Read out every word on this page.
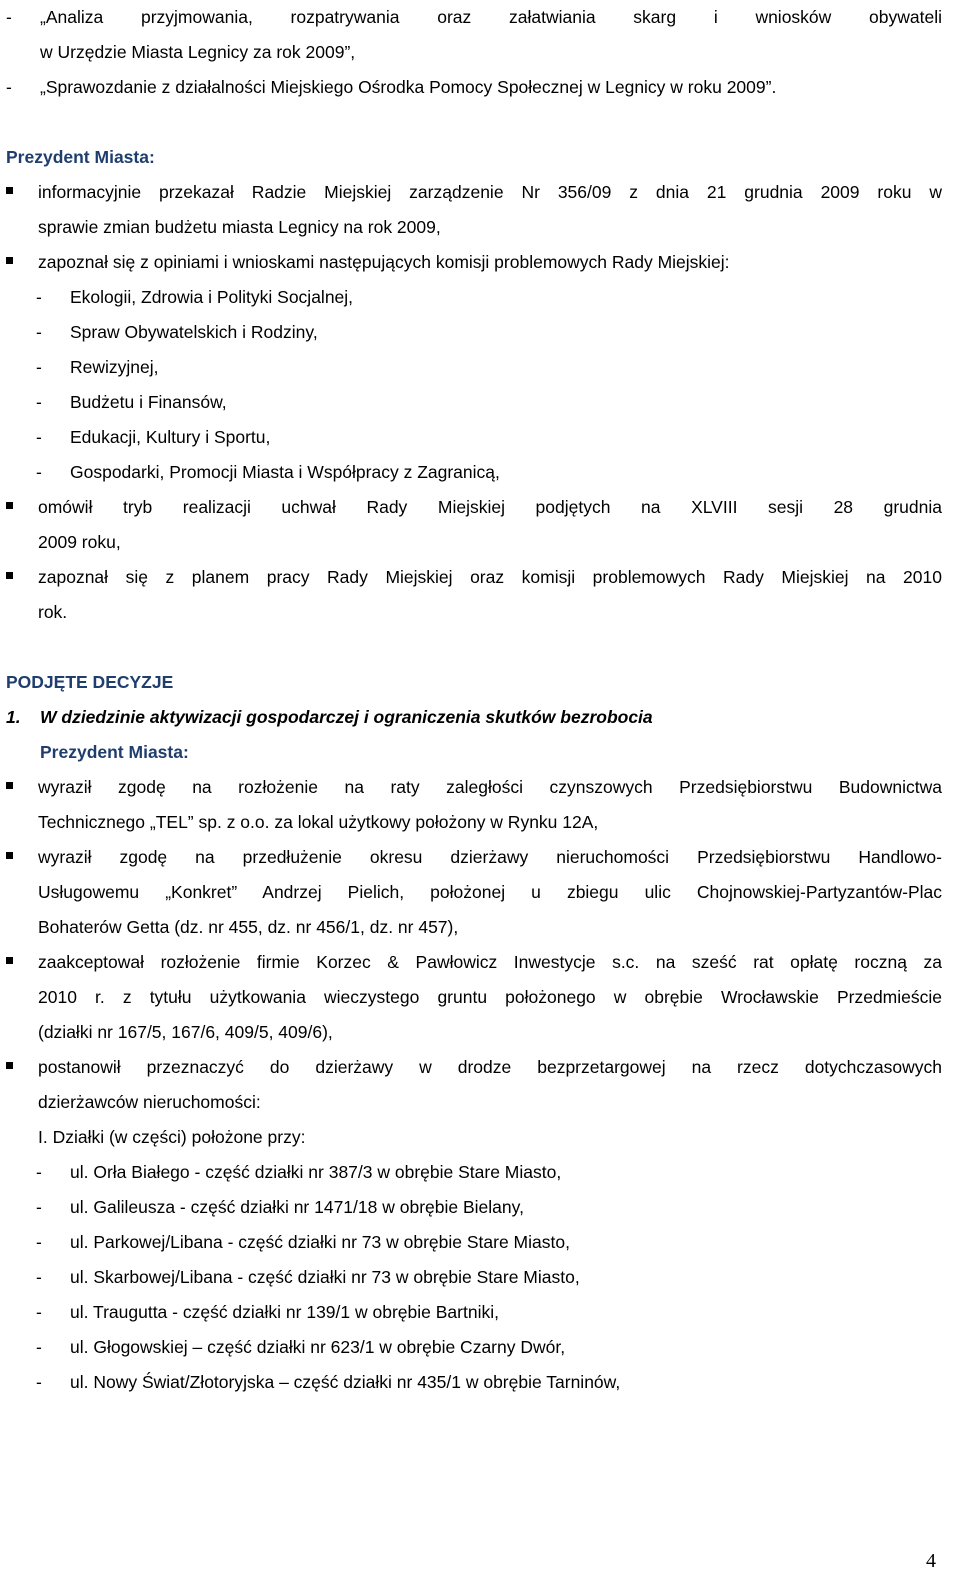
- „Analiza przyjmowania, rozpatrywania oraz załatwiania skarg i wniosków obywateli
w Urzędzie Miasta Legnicy za rok 2009”,
- „Sprawozdanie z działalności Miejskiego Ośrodka Pomocy Społecznej w Legnicy w roku 2009”.
Prezydent Miasta:
informacyjnie przekazał Radzie Miejskiej zarządzenie Nr 356/09 z dnia 21 grudnia 2009 roku w
sprawie zmian budżetu miasta Legnicy na rok 2009,
zapoznał się z opiniami i wnioskami następujących komisji problemowych Rady Miejskiej:
- Ekologii, Zdrowia i Polityki Socjalnej,
- Spraw Obywatelskich i Rodziny,
- Rewizyjnej,
- Budżetu i Finansów,
- Edukacji, Kultury i Sportu,
- Gospodarki, Promocji Miasta i Współpracy z Zagranicą,
omówił tryb realizacji uchwał Rady Miejskiej podjętych na XLVIII sesji 28 grudnia
2009 roku,
zapoznał się z planem pracy Rady Miejskiej oraz komisji problemowych Rady Miejskiej na 2010
rok.
PODJĘTE DECYZJE
1. W dziedzinie aktywizacji gospodarczej i ograniczenia skutków bezrobocia
Prezydent Miasta:
wyraził zgodę na rozłożenie na raty zaległości czynszowych Przedsiębiorstwu Budownictwa
Technicznego „TEL” sp. z o.o. za lokal użytkowy położony w Rynku 12A,
wyraził zgodę na przedłużenie okresu dzierżawy nieruchomości Przedsiębiorstwu Handlowo-
Usługowemu „Konkret” Andrzej Pielich, położonej u zbiegu ulic Chojnowskiej-Partyzantów-Plac
Bohaterów Getta (dz. nr 455, dz. nr 456/1, dz. nr 457),
zaakceptował rozłożenie firmie Korzec & Pawłowicz Inwestycje s.c. na sześć rat opłatę roczną za
2010 r. z tytułu użytkowania wieczystego gruntu położonego w obrębie Wrocławskie Przedmieście
(działki nr 167/5, 167/6, 409/5, 409/6),
postanowił przeznaczyć do dzierżawy w drodze bezprzetargowej na rzecz dotychczasowych
dzierżawców nieruchomości:
I. Działki (w części) położone przy:
- ul. Orła Białego - część działki nr 387/3 w obrębie Stare Miasto,
- ul. Galileusza - część działki nr 1471/18 w obrębie Bielany,
- ul. Parkowej/Libana - część działki nr 73 w obrębie Stare Miasto,
- ul. Skarbowej/Libana - część działki nr 73 w obrębie Stare Miasto,
- ul. Traugutta - część działki nr 139/1 w obrębie Bartniki,
- ul. Głogowskiej – część działki nr 623/1 w obrębie Czarny Dwór,
- ul. Nowy Świat/Złotoryjska – część działki nr 435/1 w obrębie Tarninów,
4
